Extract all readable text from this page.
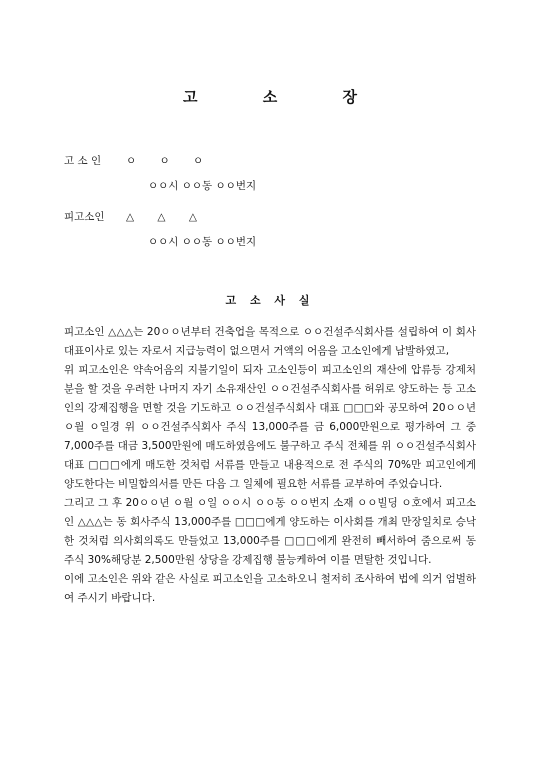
고 소 장
고 소 인 ㅇ ㅇ ㅇ
ㅇㅇ시 ㅇㅇ동 ㅇㅇ번지
피고소인 △ △ △
ㅇㅇ시 ㅇㅇ동 ㅇㅇ번지
고 소 사 실

피고소인 △△△는 20ㅇㅇ년부터 건축업을 목적으로 ㅇㅇ건설주식회사를 설립하여 이 회사 대표이사로 있는 자로서 지급능력이 없으면서 거액의 어음을 고소인에게 남발하였고,

위 피고소인은 약속어음의 지불기일이 되자 고소인등이 피고소인의 재산에 압류등 강제처분을 할 것을 우려한 나머지 자기 소유재산인 ㅇㅇ건설주식회사를 허위로 양도하는 등 고소인의 강제집행을 면할 것을 기도하고 ㅇㅇ건설주식회사 대표 □□□와 공모하여 20ㅇㅇ년 ㅇ월 ㅇ일경 위 ㅇㅇ건설주식회사 주식 13,000주를 금 6,000만원으로 평가하여 그 중 7,000주를 대금 3,500만원에 매도하였음에도 불구하고 주식 전체를 위 ㅇㅇ건설주식회사 대표 □□□에게 매도한 것처럼 서류를 만들고 내용적으로 전 주식의 70%만 피고인에게 양도한다는 비밀합의서를 만든 다음 그 일체에 필요한 서류를 교부하여 주었습니다.

그리고 그 후 20ㅇㅇ년 ㅇ월 ㅇ일 ㅇㅇ시 ㅇㅇ동 ㅇㅇ번지 소재 ㅇㅇ빌딩 ㅇ호에서 피고소인 △△△는 동 회사주식 13,000주를 □□□에게 양도하는 이사회를 개최 만장일치로 승낙한 것처럼 의사회의록도 만들었고 13,000주를 □□□에게 완전히 빼서하여 줌으로써 동 주식 30%해당분 2,500만원 상당을 강제집행 불능케하여 이를 면탈한 것입니다.

이에 고소인은 위와 같은 사실로 피고소인을 고소하오니 철저히 조사하여 법에 의거 엄벌하여 주시기 바랍니다.
